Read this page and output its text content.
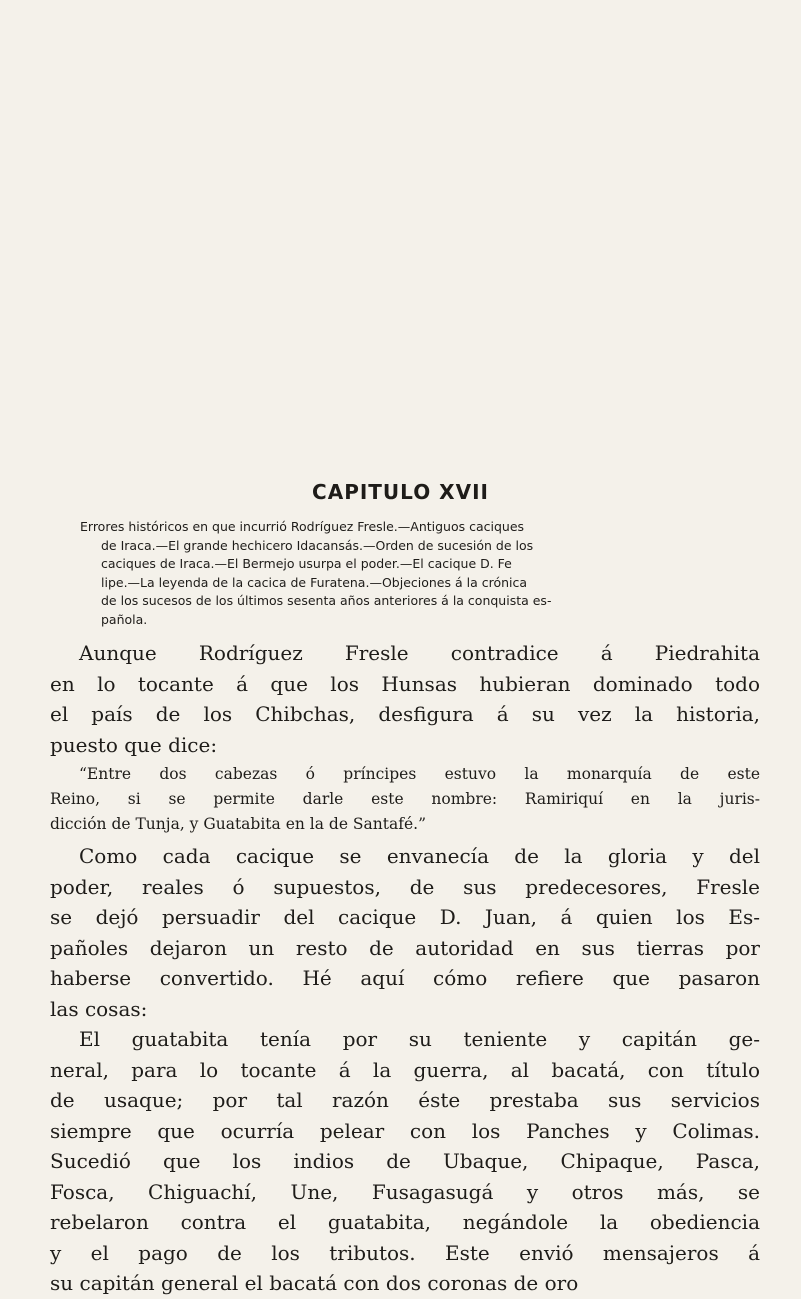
CAPITULO XVII
Errores históricos en que incurrió Rodríguez Fresle.—Antiguos caciques
de Iraca.—El grande hechicero Idacansás.—Orden de sucesión de los
caciques de Iraca.—El Bermejo usurpa el poder.—El cacique D. Fe
lipe.—La leyenda de la cacica de Furatena.—Objeciones á la crónica
de los sucesos de los últimos sesenta años anteriores á la conquista es-
pañola.
Aunque Rodríguez Fresle contradice á Piedrahita
en lo tocante á que los Hunsas hubieran dominado todo
el país de los Chibchas, desfigura á su vez la historia,
puesto que dice:
“Entre dos cabezas ó príncipes estuvo la monarquía de este
Reino, si se permite darle este nombre: Ramiriquí en la juris-
dicción de Tunja, y Guatabita en la de Santafé.”
Como cada cacique se envanecía de la gloria y del
poder, reales ó supuestos, de sus predecesores, Fresle
se dejó persuadir del cacique D. Juan, á quien los Es-
pañoles dejaron un resto de autoridad en sus tierras por
haberse convertido. Hé aquí cómo refiere que pasaron
las cosas:
El guatabita tenía por su teniente y capitán ge-
neral, para lo tocante á la guerra, al bacatá, con título
de usaque; por tal razón éste prestaba sus servicios
siempre que ocurría pelear con los Panches y Colimas.
Sucedió que los indios de Ubaque, Chipaque, Pasca,
Fosca, Chiguachí, Une, Fusagasugá y otros más, se
rebelaron contra el guatabita, negándole la obediencia
y el pago de los tributos. Este envió mensajeros á
su capitán general el bacatá con dos coronas de oro
